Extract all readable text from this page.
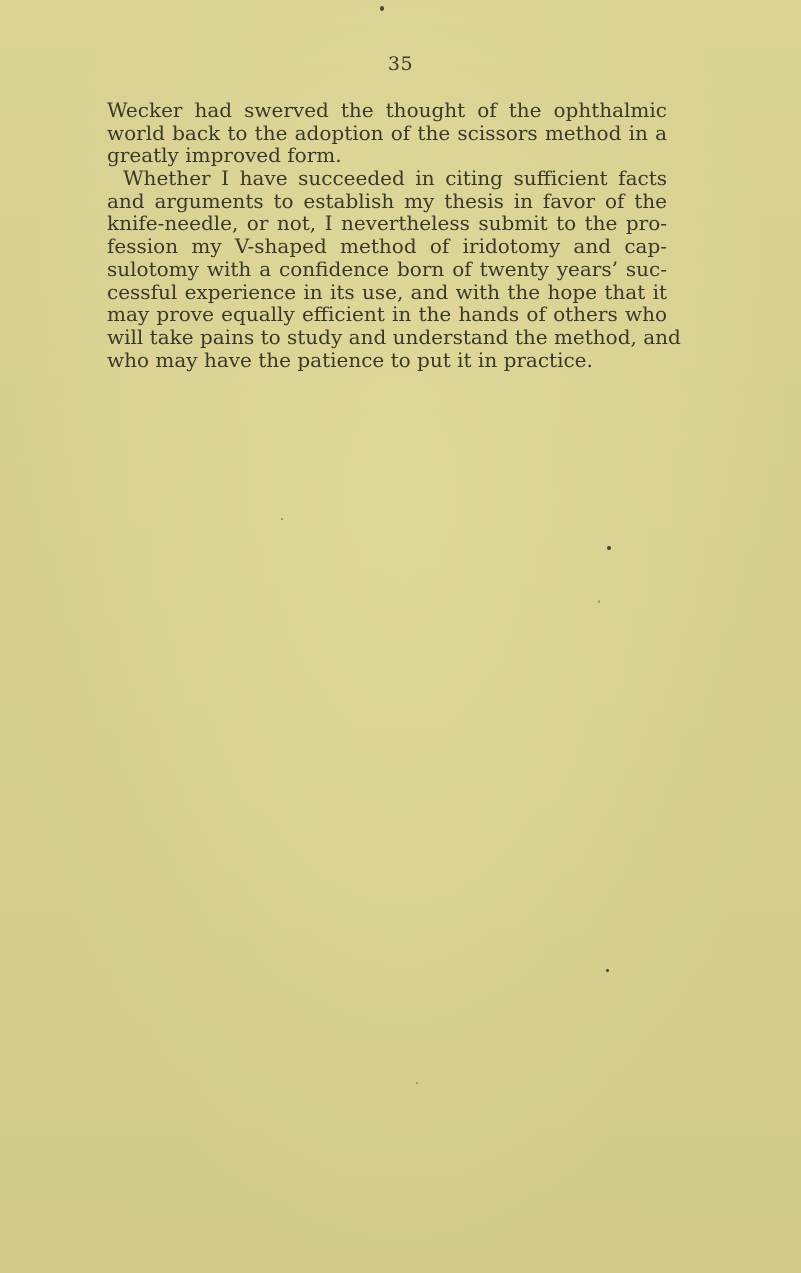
35
Wecker had swerved the thought of the ophthalmic
world back to the adoption of the scissors method in a
greatly improved form.
Whether I have succeeded in citing sufficient facts
and arguments to establish my thesis in favor of the
knife-needle, or not, I nevertheless submit to the pro-
fession my V-shaped method of iridotomy and cap-
sulotomy with a confidence born of twenty years’ suc-
cessful experience in its use, and with the hope that it
may prove equally efficient in the hands of others who
will take pains to study and understand the method, and
who may have the patience to put it in practice.
